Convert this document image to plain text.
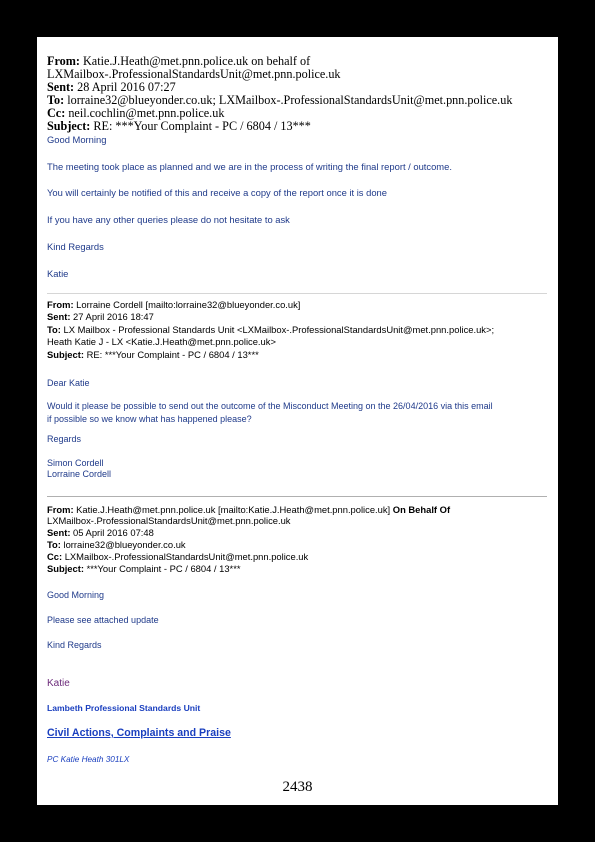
From: Katie.J.Heath@met.pnn.police.uk on behalf of
LXMailbox-.ProfessionalStandardsUnit@met.pnn.police.uk
Sent: 28 April 2016 07:27
To: lorraine32@blueyonder.co.uk; LXMailbox-.ProfessionalStandardsUnit@met.pnn.police.uk
Cc: neil.cochlin@met.pnn.police.uk
Subject: RE: ***Your Complaint - PC / 6804 / 13***
Good Morning
The meeting took place as planned and we are in the process of writing the final report / outcome.
You will certainly be notified of this and receive a copy of the report once it is done
If you have any other queries please do not hesitate to ask
Kind Regards
Katie
From: Lorraine Cordell [mailto:lorraine32@blueyonder.co.uk]
Sent: 27 April 2016 18:47
To: LX Mailbox - Professional Standards Unit <LXMailbox-.ProfessionalStandardsUnit@met.pnn.police.uk>;
Heath Katie J - LX <Katie.J.Heath@met.pnn.police.uk>
Subject: RE: ***Your Complaint - PC / 6804 / 13***
Dear Katie
Would it please be possible to send out the outcome of the Misconduct Meeting on the 26/04/2016 via this email
if possible so we know what has happened please?
Regards
Simon Cordell
Lorraine Cordell
From: Katie.J.Heath@met.pnn.police.uk [mailto:Katie.J.Heath@met.pnn.police.uk] On Behalf Of
LXMailbox-.ProfessionalStandardsUnit@met.pnn.police.uk
Sent: 05 April 2016 07:48
To: lorraine32@blueyonder.co.uk
Cc: LXMailbox-.ProfessionalStandardsUnit@met.pnn.police.uk
Subject: ***Your Complaint - PC / 6804 / 13***
Good Morning
Please see attached update
Kind Regards
Katie
Lambeth Professional Standards Unit
Civil Actions, Complaints and Praise
PC Katie Heath 301LX
2438
